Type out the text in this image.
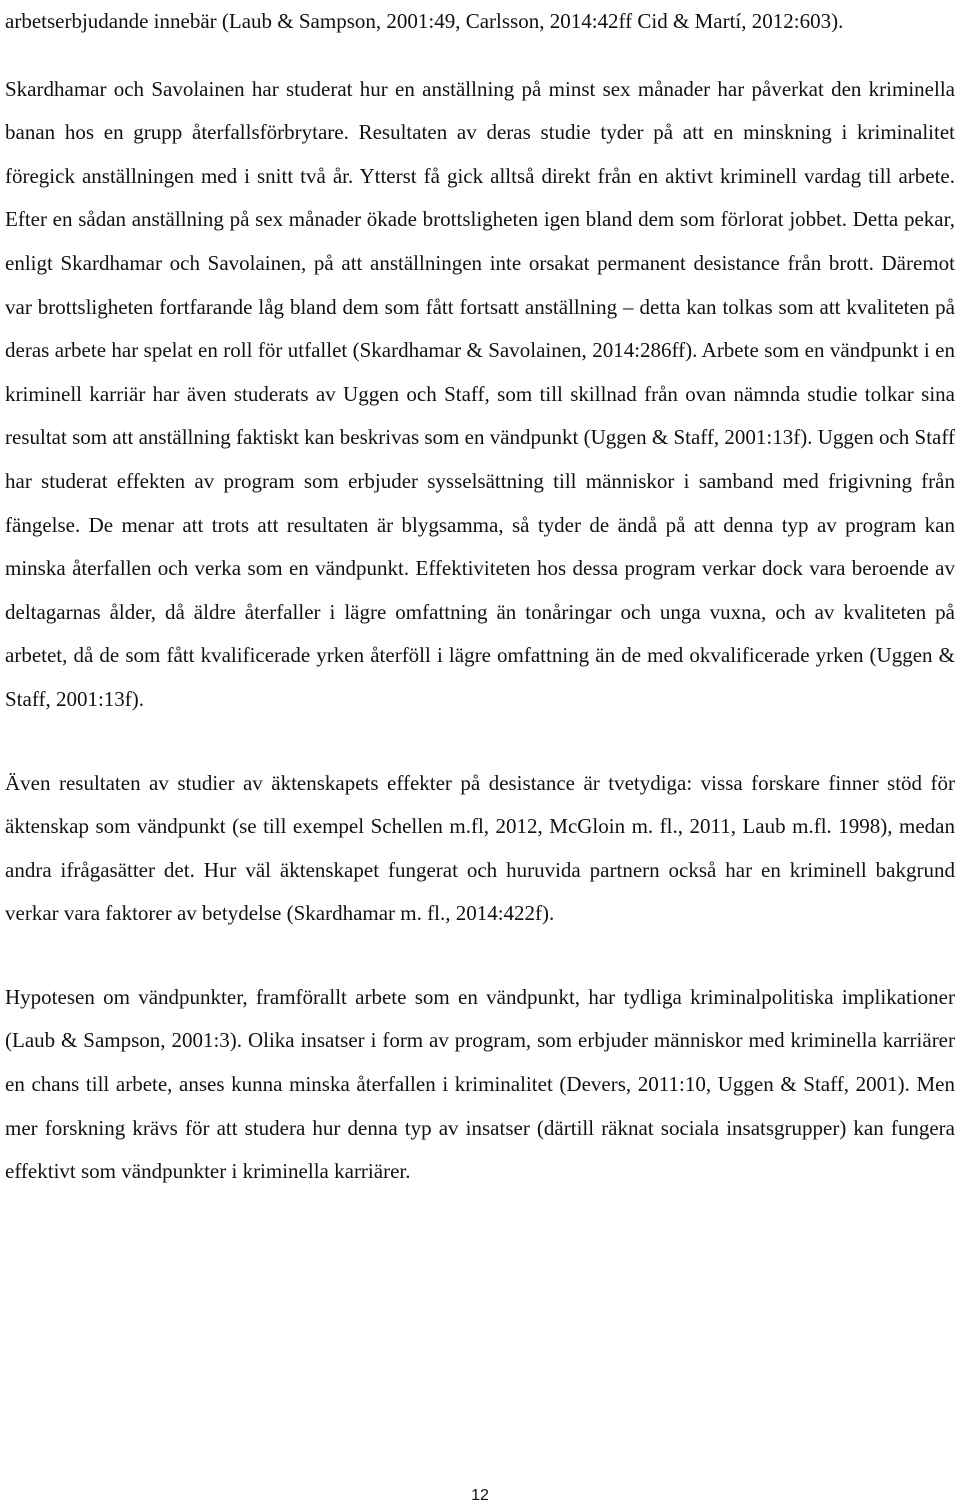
arbetserbjudande innebär (Laub & Sampson, 2001:49, Carlsson, 2014:42ff Cid & Martí, 2012:603).

Skardhamar och Savolainen har studerat hur en anställning på minst sex månader har påverkat den kriminella banan hos en grupp återfallsförbrytare. Resultaten av deras studie tyder på att en minskning i kriminalitet föregick anställningen med i snitt två år. Ytterst få gick alltså direkt från en aktivt kriminell vardag till arbete. Efter en sådan anställning på sex månader ökade brottsligheten igen bland dem som förlorat jobbet. Detta pekar, enligt Skardhamar och Savolainen, på att anställningen inte orsakat permanent desistance från brott. Däremot var brottsligheten fortfarande låg bland dem som fått fortsatt anställning – detta kan tolkas som att kvaliteten på deras arbete har spelat en roll för utfallet (Skardhamar & Savolainen, 2014:286ff). Arbete som en vändpunkt i en kriminell karriär har även studerats av Uggen och Staff, som till skillnad från ovan nämnda studie tolkar sina resultat som att anställning faktiskt kan beskrivas som en vändpunkt (Uggen & Staff, 2001:13f). Uggen och Staff har studerat effekten av program som erbjuder sysselsättning till människor i samband med frigivning från fängelse. De menar att trots att resultaten är blygsamma, så tyder de ändå på att denna typ av program kan minska återfallen och verka som en vändpunkt. Effektiviteten hos dessa program verkar dock vara beroende av deltagarnas ålder, då äldre återfaller i lägre omfattning än tonåringar och unga vuxna, och av kvaliteten på arbetet, då de som fått kvalificerade yrken återföll i lägre omfattning än de med okvalificerade yrken (Uggen & Staff, 2001:13f).

Även resultaten av studier av äktenskapets effekter på desistance är tvetydiga: vissa forskare finner stöd för äktenskap som vändpunkt (se till exempel Schellen m.fl, 2012, McGloin m. fl., 2011, Laub m.fl. 1998), medan andra ifrågasätter det. Hur väl äktenskapet fungerat och huruvida partnern också har en kriminell bakgrund verkar vara faktorer av betydelse (Skardhamar m. fl., 2014:422f).

Hypotesen om vändpunkter, framförallt arbete som en vändpunkt, har tydliga kriminalpolitiska implikationer (Laub & Sampson, 2001:3). Olika insatser i form av program, som erbjuder människor med kriminella karriärer en chans till arbete, anses kunna minska återfallen i kriminalitet (Devers, 2011:10, Uggen & Staff, 2001). Men mer forskning krävs för att studera hur denna typ av insatser (därtill räknat sociala insatsgrupper) kan fungera effektivt som vändpunkter i kriminella karriärer.

12
